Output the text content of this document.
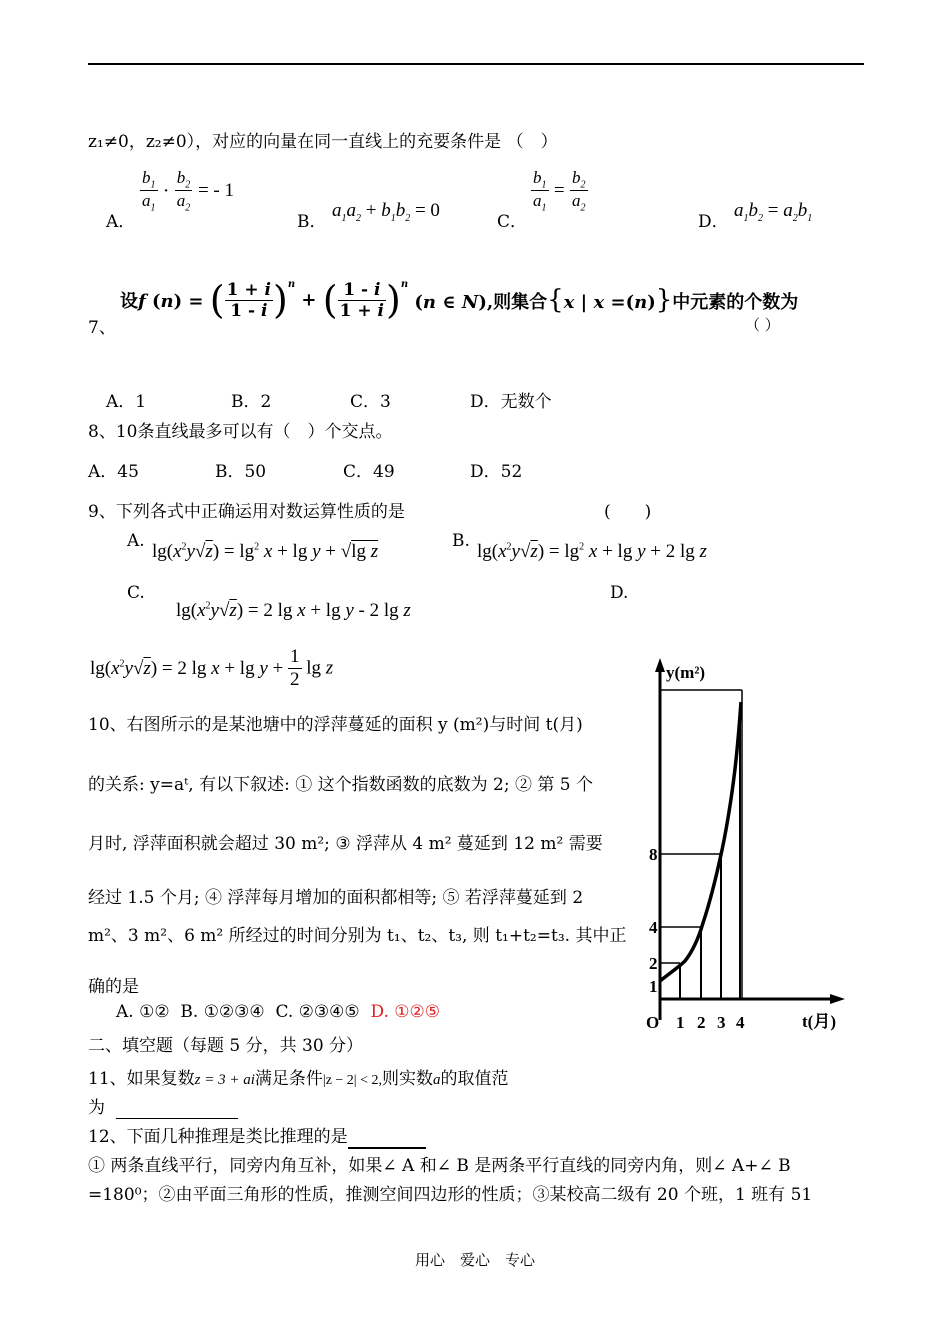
z₁≠0，z₂≠0），对应的向量在同一直线上的充要条件是 （　）
A．
$\frac{b_1}{a_1} \cdot \frac{b_2}{a_2}$ = - 1
B．
$a_1a_2 + b_1b_2 = 0$
C．
$\frac{b_1}{a_1} = \frac{b_2}{a_2}$
D．
$a_1b_2 = a_2b_1$
7、
设f (n) = ( $\frac{1 + i}{1 - i} )^n$ + ( $\frac{1 - i}{1 + i} )^n$ (n ∈ N),则集合{x | x =(n)}中元素的个数为
（ ）
A．1	B．2	C．3	D．无数个
8、10条直线最多可以有（　）个交点。
A．45	B．50	C．49	D．52
9、下列各式中正确运用对数运算性质的是	(　　)
A. $\lg(x^2y√z) = \lg^2 x + \lg y + √\lg$ z	B. $\lg(x^2y√z) = \lg^2 x + \lg y + 2$ lg z
C.	D.
$\lg(x^2y√z) = 2$ lg x + lg y - 2 lg z
$\lg(x^2y√z) = 2$ $\lg x + \lg y + \frac{1}{2}$ lg z
10、右图所示的是某池塘中的浮萍蔓延的面积 y (m²)与时间 t(月)
的关系: y=aᵗ, 有以下叙述: ① 这个指数函数的底数为 2; ② 第 5 个
月时, 浮萍面积就会超过 30 m²; ③ 浮萍从 4 m² 蔓延到 12 m² 需要
经过 1.5 个月; ④ 浮萍每月增加的面积都相等; ⑤ 若浮萍蔓延到 2
m²、3 m²、6 m² 所经过的时间分别为 t₁、t₂、t₃, 则 t₁+t₂=t₃. 其中正
确的是
A. ①② B. ①②③④ C. ②③④⑤ D. ①②⑤
y(m²)
t(月)
O 1 2 3 4
1
2
4
8
二、填空题（每题 5 分，共 30 分）
11、如果复数z = 3 + ai满足条件|z − 2| < 2,则实数a的取值范
为
12、下面几种推理是类比推理的是
① 两条直线平行，同旁内角互补，如果∠ A 和∠ B 是两条平行直线的同旁内角，则∠ A+∠ B
=180⁰；②由平面三角形的性质，推测空间四边形的性质；③某校高二级有 20 个班，1 班有 51
用心　爱心　专心
